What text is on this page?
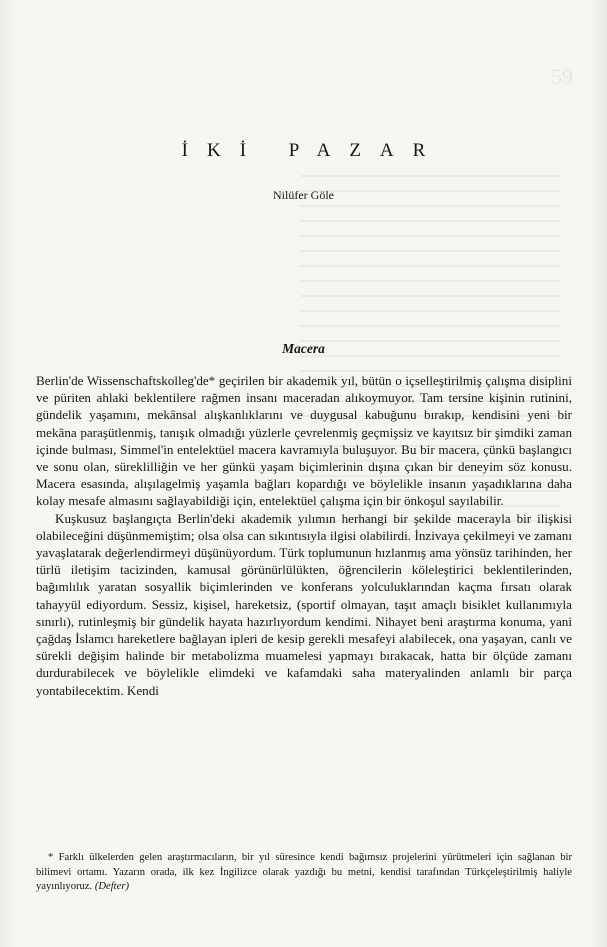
59
İKİ PAZAR
Nilüfer Göle
Macera

Berlin'de Wissenschaftskolleg'de* geçirilen bir akademik yıl, bütün o içselleştirilmiş çalışma disiplini ve püriten ahlaki beklentilere rağmen insanı maceradan alıkoymuyor. Tam tersine kişinin rutinini, gündelik yaşamını, mekânsal alışkanlıklarını ve duygusal kabuğunu bırakıp, kendisini yeni bir mekâna paraşütlenmiş, tanışık olmadığı yüzlerle çevrelenmiş geçmişsiz ve kayıtsız bir şimdiki zaman içinde bulması, Simmel'in entelektüel macera kavramıyla buluşuyor. Bu bir macera, çünkü başlangıcı ve sonu olan, süreklilliğin ve her günkü yaşam biçimlerinin dışına çıkan bir deneyim söz konusu. Macera esasında, alışılagelmiş yaşamla bağları kopardığı ve böylelikle insanın yaşadıklarına daha kolay mesafe almasını sağlayabildiği için, entelektüel çalışma için bir önkoşul sayılabilir.

Kuşkusuz başlangıçta Berlin'deki akademik yılımın herhangi bir şekilde macerayla bir ilişkisi olabileceğini düşünmemiştim; olsa olsa can sıkıntısıyla ilgisi olabilirdi. İnzivaya çekilmeyi ve zamanı yavaşlatarak değerlendirmeyi düşünüyordum. Türk toplumunun hızlanmış ama yönsüz tarihinden, her türlü iletişim tacizinden, kamusal görünürlülükten, öğrencilerin köleleştirici beklentilerinden, bağımlılık yaratan sosyallik biçimlerinden ve konferans yolculuklarından kaçma fırsatı olarak tahayyül ediyordum. Sessiz, kişisel, hareketsiz, (sportif olmayan, taşıt amaçlı bisiklet kullanımıyla sınırlı), rutinleşmiş bir gündelik hayata hazırlıyordum kendimi. Nihayet beni araştırma konuma, yani çağdaş İslamcı hareketlere bağlayan ipleri de kesip gerekli mesafeyi alabilecek, ona yaşayan, canlı ve sürekli değişim halinde bir metabolizma muamelesi yapmayı bırakacak, hatta bir ölçüde zamanı durdurabilecek ve böylelikle elimdeki ve kafamdaki saha materyalinden anlamlı bir parça yontabilecektim. Kendi

* Farklı ülkelerden gelen araştırmacıların, bir yıl süresince kendi bağımsız projelerini yürütmeleri için sağlanan bir bilimevi ortamı. Yazarın orada, ilk kez İngilizce olarak yazdığı bu metni, kendisi tarafından Türkçeleştirilmiş haliyle yayınlıyoruz. (Defter)
